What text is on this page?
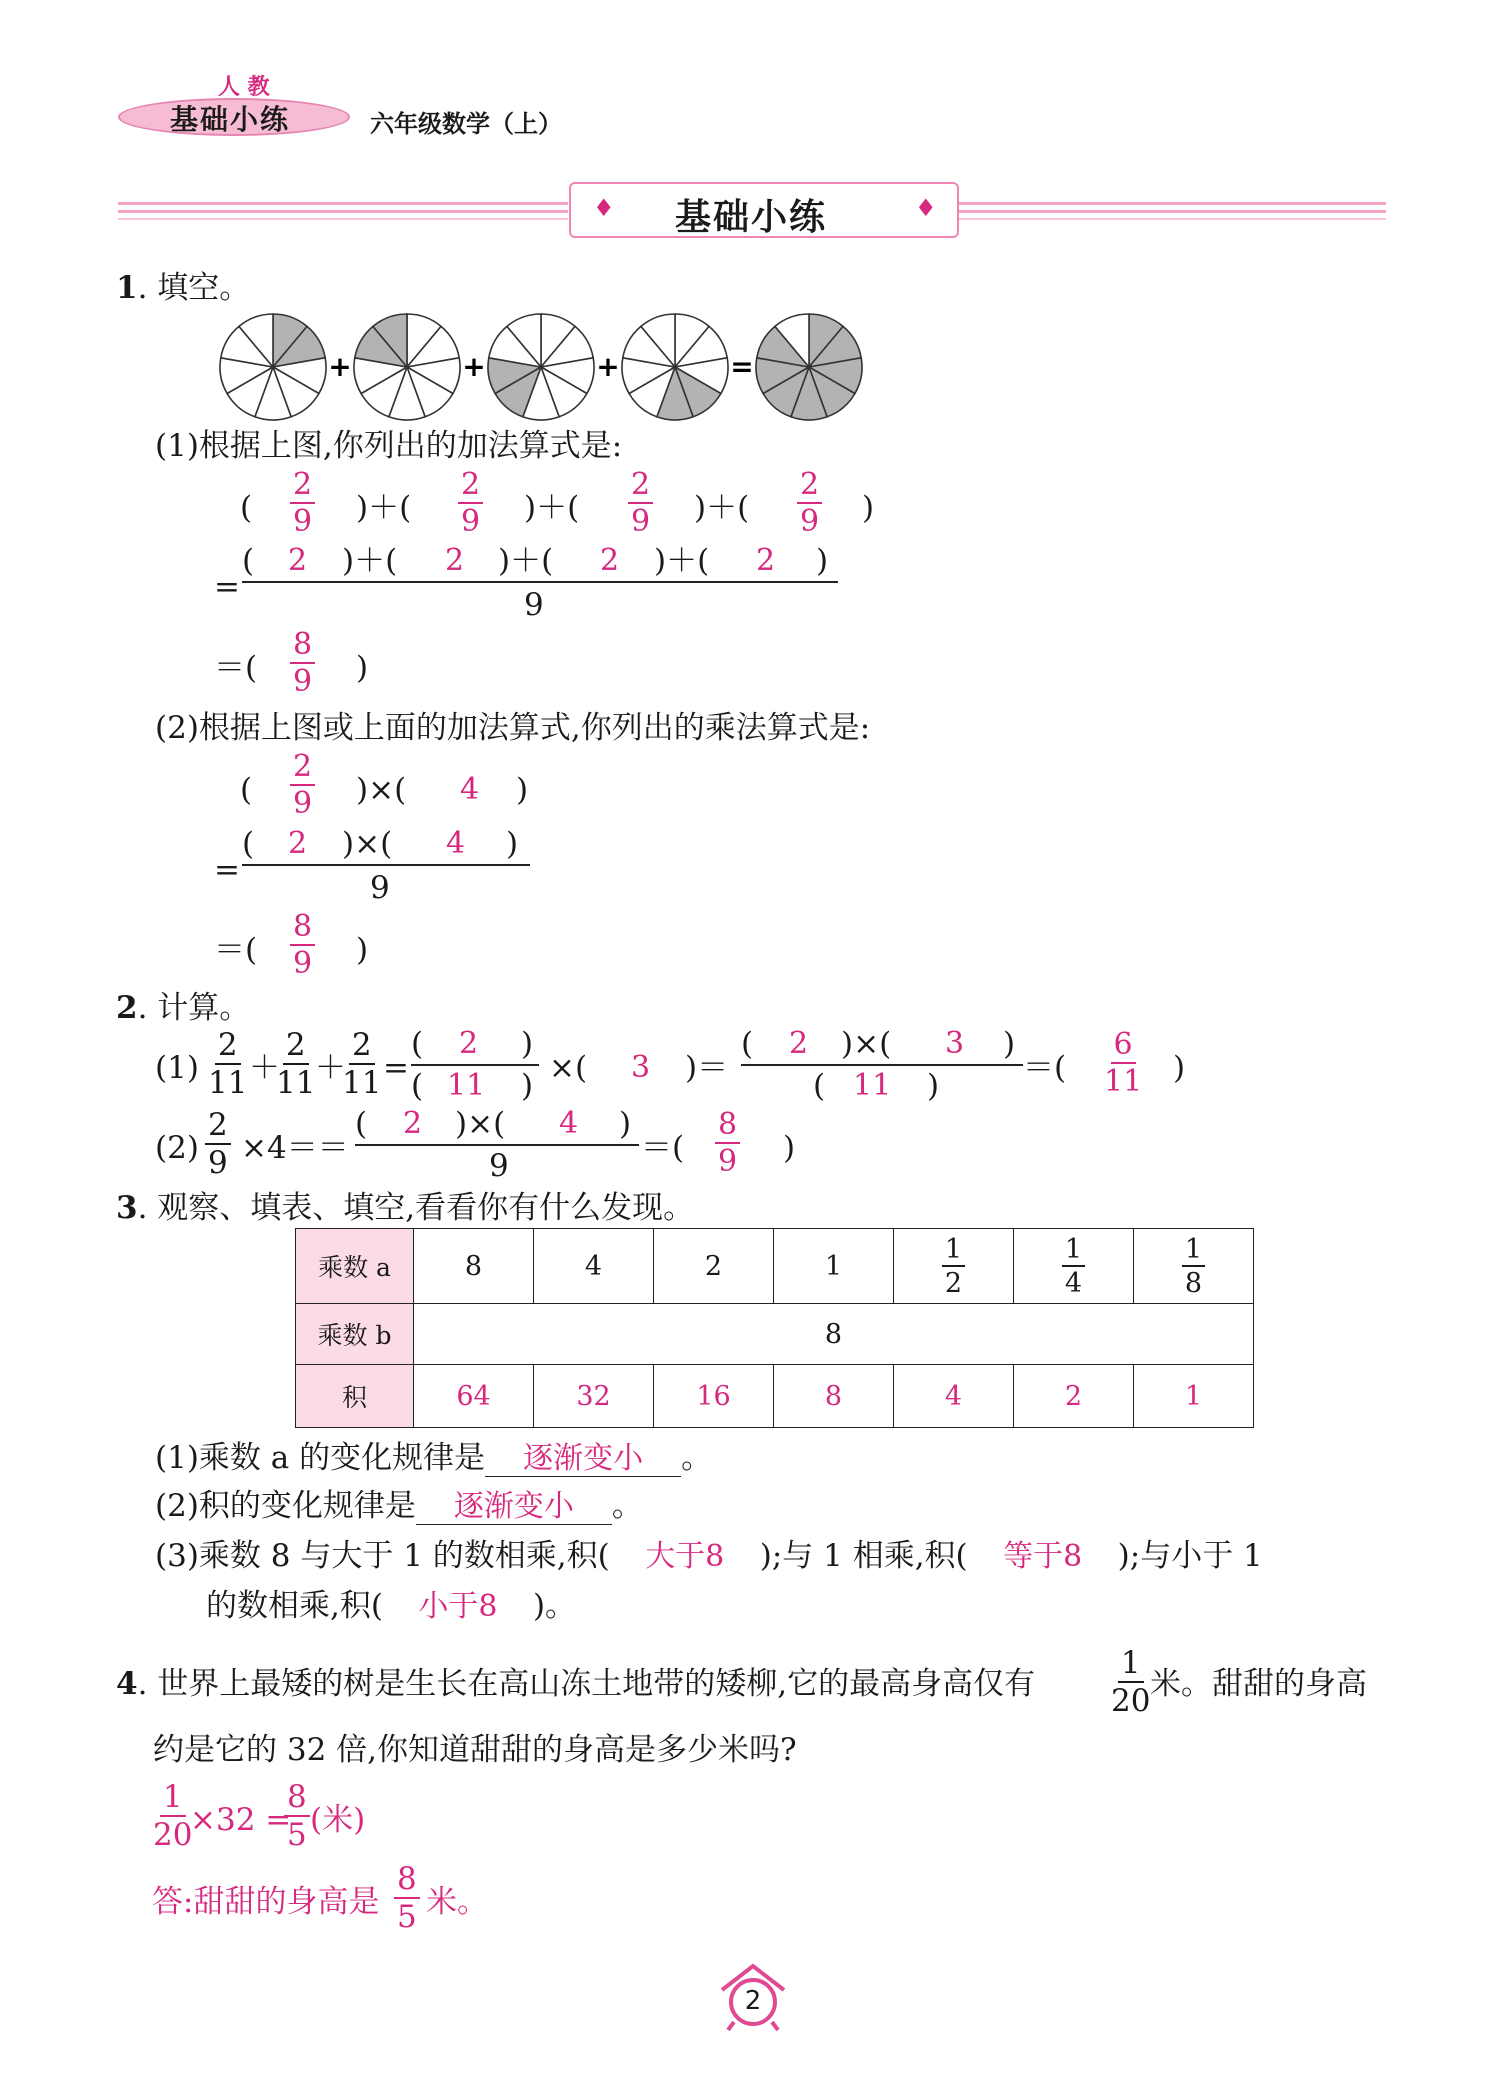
人 教
基础小练	六年级数学（上）
♦ 基础小练	♦
1. 填空。
+	+	+	=
(1)根据上图,你列出的加法算式是:
( $\frac{2}{9}$ )＋( $\frac{2}{9}$ )＋( $\frac{2}{9}$ )＋( $\frac{2}{9}$ )
=
( 2 )＋( 2 )＋( 2 )＋( 2 )
9
＝( $\frac{8}{9}$ )
(2)根据上图或上面的加法算式,你列出的乘法算式是:
( $\frac{2}{9}$ )×( 4 )
=
( 2 )×( 4 )
9
＝( $\frac{8}{9}$ )
2. 计算。
$(1) \frac{2}{11}$
＋
$\frac{2}{11}$
＋
$\frac{2}{11}$
=
( 2 )
( 11 ) ×( 3 )＝
( 2 )×( 3 )
( 11 )	＝( $\frac{6}{11}$ )
$(2) \frac{2}{9} \times 4==$
( 2 )×( 4 )
9	＝( $\frac{8}{9}$ )
3. 观察、填表、填空,看看你有什么发现。
乘数 a	8	4	2	1	$\frac{1}{2}$	$\frac{1}{4}$	$\frac{1}{8}$

乘数 b	8						
积	64	32	16	8	4	2	1
(1)乘数 a 的变化规律是 逐渐变小 。
(2)积的变化规律是 逐渐变小 。
(3)乘数 8 与大于 1 的数相乘,积( 大于8 );与 1 相乘,积( 等于8 );与小于 1
的数相乘,积( 小于8 )。
4. 世界上最矮的树是生长在高山冻土地带的矮柳,它的最高身高仅有 $\frac{1}{20}$
米。甜甜的身高
约是它的 32 倍,你知道甜甜的身高是多少米吗?
$\frac{1}{20}$
×32 =
$\frac{8}{5}$ (米)
答:甜甜的身高是 $\frac{8}{5}$ 米。
2
